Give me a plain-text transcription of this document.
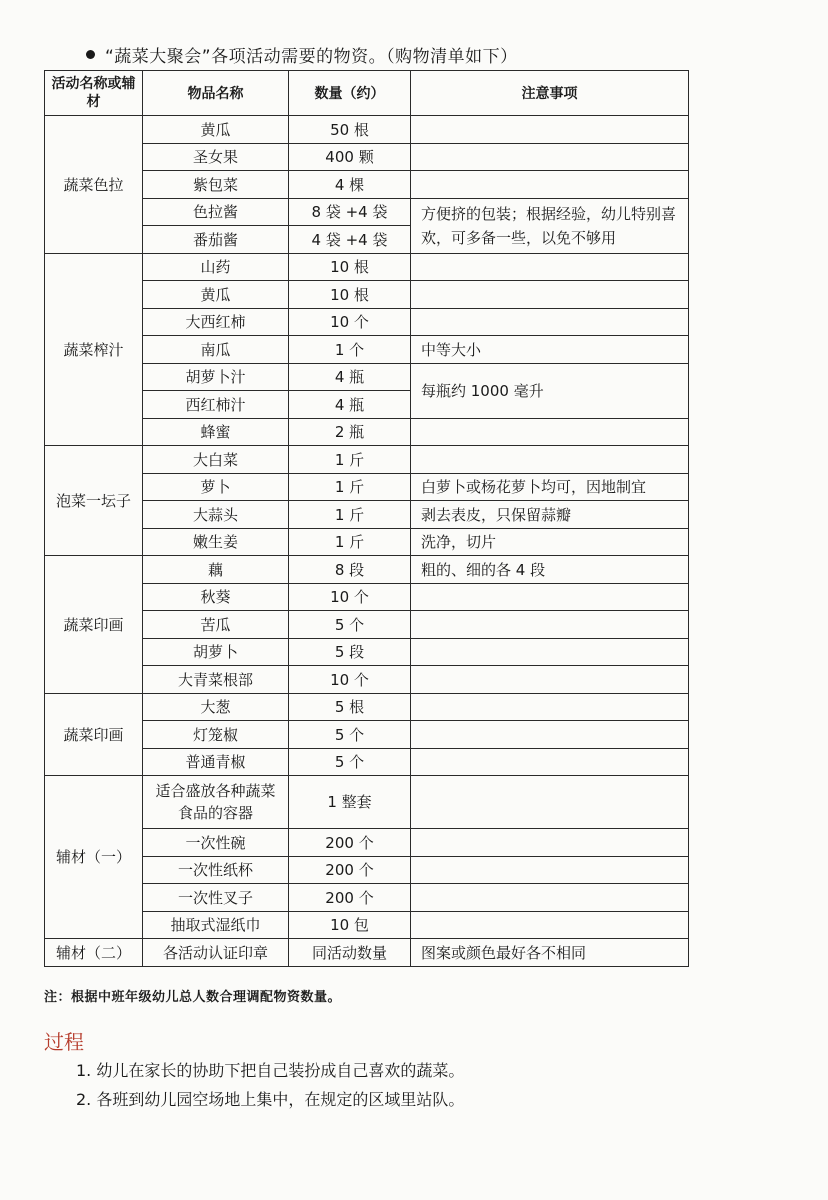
“蔬菜大聚会”各项活动需要的物资。（购物清单如下）
活动名称或辅材	物品名称	数量（约）	注意事项
蔬菜色拉	黄瓜	50 根	
	圣女果	400 颗	
	紫包菜	4 棵	
	色拉酱	8 袋 +4 袋	方便挤的包装；根据经验，幼儿特别喜欢，可多备一些，以免不够用
	番茄酱	4 袋 +4 袋	
蔬菜榨汁	山药	10 根	
	黄瓜	10 根	
	大西红柿	10 个	
	南瓜	1 个	中等大小
	胡萝卜汁	4 瓶	每瓶约 1000 毫升
	西红柿汁	4 瓶	
	蜂蜜	2 瓶	
泡菜一坛子	大白菜	1 斤	
	萝卜	1 斤	白萝卜或杨花萝卜均可，因地制宜
	大蒜头	1 斤	剥去表皮，只保留蒜瓣
	嫩生姜	1 斤	洗净，切片
蔬菜印画	藕	8 段	粗的、细的各 4 段
	秋葵	10 个	
	苦瓜	5 个	
	胡萝卜	5 段	
	大青菜根部	10 个	
蔬菜印画	大葱	5 根	
	灯笼椒	5 个	
	普通青椒	5 个	
辅材（一）	适合盛放各种蔬菜食品的容器	1 整套	
	一次性碗	200 个	
	一次性纸杯	200 个	
	一次性叉子	200 个	
	抽取式湿纸巾	10 包	
辅材（二）	各活动认证印章	同活动数量	图案或颜色最好各不相同
注：根据中班年级幼儿总人数合理调配物资数量。
过程
1. 幼儿在家长的协助下把自己装扮成自己喜欢的蔬菜。
2. 各班到幼儿园空场地上集中，在规定的区域里站队。
